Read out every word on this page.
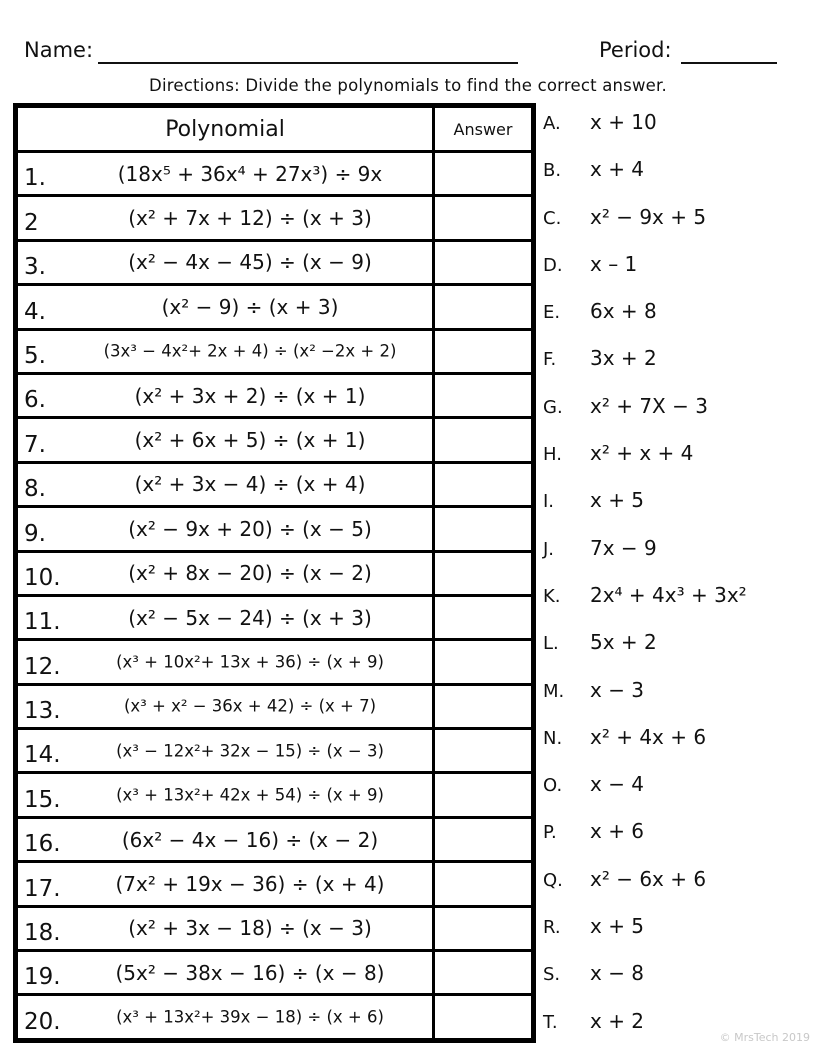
Name:	Period:
Directions: Divide the polynomials to find the correct answer.
Polynomial	Answer

1. (18x⁵ + 36x⁴ + 27x³) ÷ 9x	

2 (x² + 7x + 12) ÷ (x + 3)	

3. (x² − 4x − 45) ÷ (x − 9)	

4. (x² − 9) ÷ (x + 3)	

5. (3x³ − 4x²+ 2x + 4) ÷ (x² −2x + 2)	

6. (x² + 3x + 2) ÷ (x + 1)	

7. (x² + 6x + 5) ÷ (x + 1)	

8. (x² + 3x − 4) ÷ (x + 4)	

9. (x² − 9x + 20) ÷ (x − 5)	

10. (x² + 8x − 20) ÷ (x − 2)	

11. (x² − 5x − 24) ÷ (x + 3)	

12. (x³ + 10x²+ 13x + 36) ÷ (x + 9)	

13. (x³ + x² − 36x + 42) ÷ (x + 7)	

14. (x³ − 12x²+ 32x − 15) ÷ (x − 3)	

15. (x³ + 13x²+ 42x + 54) ÷ (x + 9)	

16. (6x² − 4x − 16) ÷ (x − 2)	

17. (7x² + 19x − 36) ÷ (x + 4)	

18. (x² + 3x − 18) ÷ (x − 3)	

19. (5x² − 38x − 16) ÷ (x − 8)	

20. (x³ + 13x²+ 39x − 18) ÷ (x + 6)	

A. x + 10
B. x + 4
C. x² − 9x + 5
D. x – 1
E. 6x + 8
F. 3x + 2
G. x² + 7X − 3
H. x² + x + 4
I. x + 5
J. 7x − 9
K. 2x⁴ + 4x³ + 3x²
L. 5x + 2
M. x − 3
N. x² + 4x + 6
O. x − 4
P. x + 6
Q. x² − 6x + 6
R. x + 5
S. x − 8
T. x + 2
© MrsTech 2019
